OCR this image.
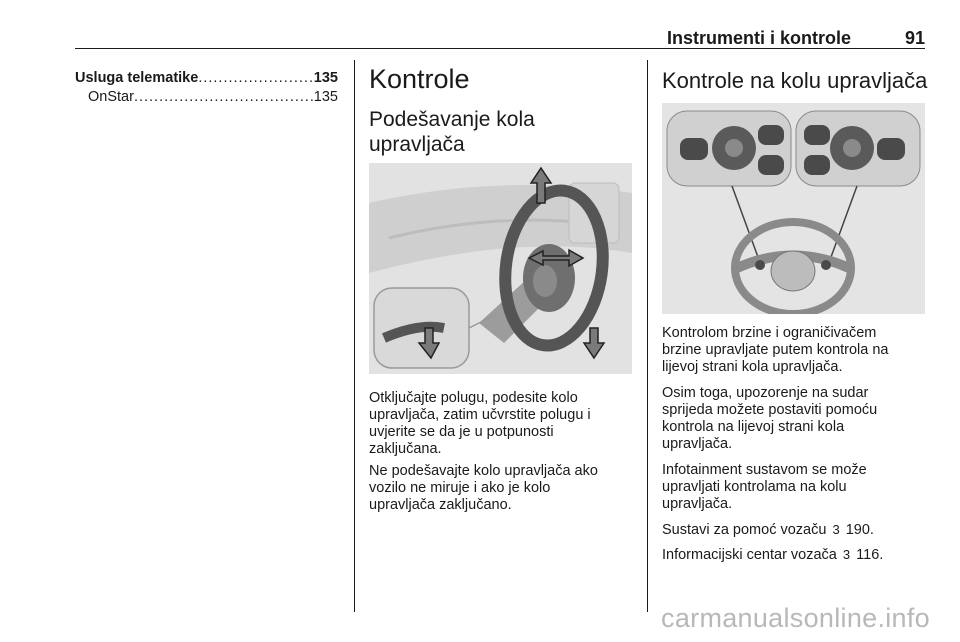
Instrumenti i kontrole	91
Usluga telematike .....	135
OnStar .....	135
Kontrole
Podešavanje kola
upravljača
Otključajte polugu, podesite kolo
upravljača, zatim učvrstite polugu i
uvjerite se da je u potpunosti
zaključana.
Ne podešavajte kolo upravljača ako
vozilo ne miruje i ako je kolo
upravljača zaključano.
Kontrole na kolu upravljača
Kontrolom brzine i ograničivačem
brzine upravljate putem kontrola na
lijevoj strani kola upravljača.
Osim toga, upozorenje na sudar
sprijeda možete postaviti pomoću
kontrola na lijevoj strani kola
upravljača.
Infotainment sustavom se može
upravljati kontrolama na kolu
upravljača.
Sustavi za pomoć vozaču 3 190.
Informacijski centar vozača 3 116.
carmanualsonline.info
